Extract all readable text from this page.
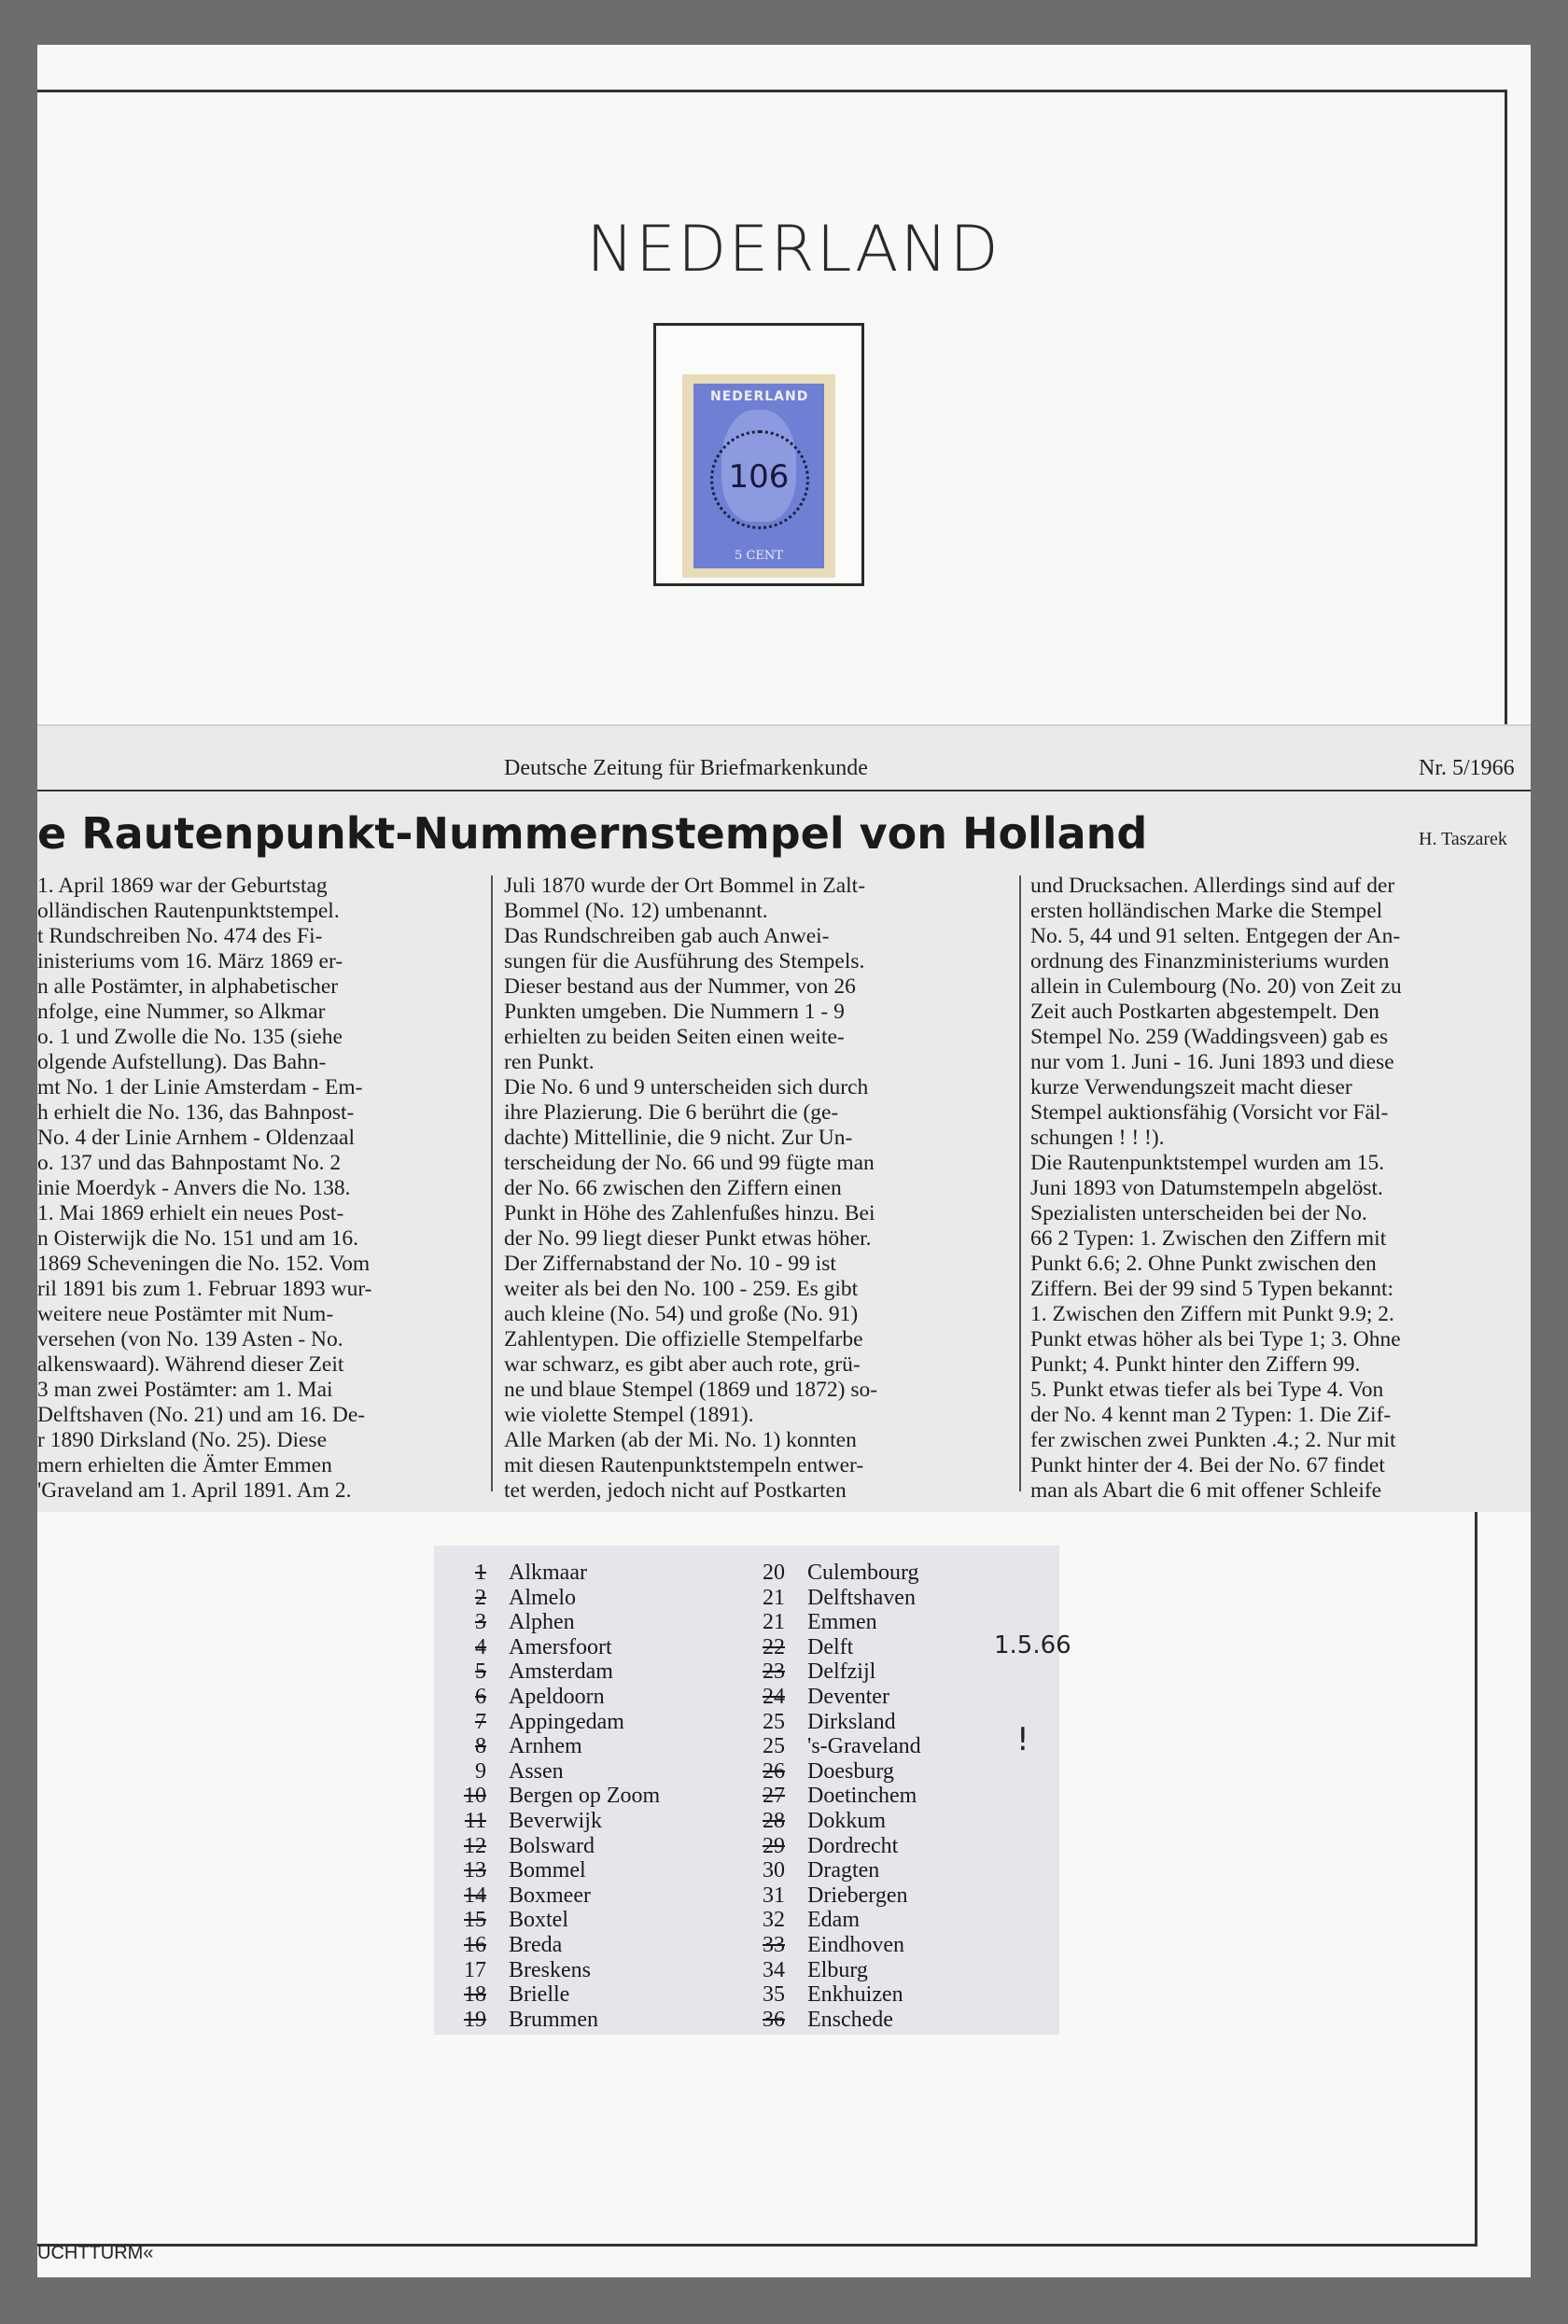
NEDERLAND
NEDERLAND
5 CENT
106
Deutsche Zeitung für Briefmarkenkunde	Nr. 5/1966
e Rautenpunkt-Nummernstempel von Holland	H. Taszarek
1. April 1869 war der Geburtstag
olländischen Rautenpunktstempel.
t Rundschreiben No. 474 des Fi-
inisteriums vom 16. März 1869 er-
n alle Postämter, in alphabetischer
nfolge, eine Nummer, so Alkmar
o. 1 und Zwolle die No. 135 (siehe
olgende Aufstellung). Das Bahn-
mt No. 1 der Linie Amsterdam - Em-
h erhielt die No. 136, das Bahnpost-
No. 4 der Linie Arnhem - Oldenzaal
o. 137 und das Bahnpostamt No. 2
inie Moerdyk - Anvers die No. 138.
1. Mai 1869 erhielt ein neues Post-
n Oisterwijk die No. 151 und am 16.
1869 Scheveningen die No. 152. Vom
ril 1891 bis zum 1. Februar 1893 wur-
weitere neue Postämter mit Num-
versehen (von No. 139 Asten - No.
alkenswaard). Während dieser Zeit
3 man zwei Postämter: am 1. Mai
Delftshaven (No. 21) und am 16. De-
r 1890 Dirksland (No. 25). Diese
mern erhielten die Ämter Emmen
'Graveland am 1. April 1891. Am 2.
Juli 1870 wurde der Ort Bommel in Zalt-
Bommel (No. 12) umbenannt.
Das Rundschreiben gab auch Anwei-
sungen für die Ausführung des Stempels.
Dieser bestand aus der Nummer, von 26
Punkten umgeben. Die Nummern 1 - 9
erhielten zu beiden Seiten einen weite-
ren Punkt.
Die No. 6 und 9 unterscheiden sich durch
ihre Plazierung. Die 6 berührt die (ge-
dachte) Mittellinie, die 9 nicht. Zur Un-
terscheidung der No. 66 und 99 fügte man
der No. 66 zwischen den Ziffern einen
Punkt in Höhe des Zahlenfußes hinzu. Bei
der No. 99 liegt dieser Punkt etwas höher.
Der Ziffernabstand der No. 10 - 99 ist
weiter als bei den No. 100 - 259. Es gibt
auch kleine (No. 54) und große (No. 91)
Zahlentypen. Die offizielle Stempelfarbe
war schwarz, es gibt aber auch rote, grü-
ne und blaue Stempel (1869 und 1872) so-
wie violette Stempel (1891).
Alle Marken (ab der Mi. No. 1) konnten
mit diesen Rautenpunktstempeln entwer-
tet werden, jedoch nicht auf Postkarten
und Drucksachen. Allerdings sind auf der
ersten holländischen Marke die Stempel
No. 5, 44 und 91 selten. Entgegen der An-
ordnung des Finanzministeriums wurden
allein in Culembourg (No. 20) von Zeit zu
Zeit auch Postkarten abgestempelt. Den
Stempel No. 259 (Waddingsveen) gab es
nur vom 1. Juni - 16. Juni 1893 und diese
kurze Verwendungszeit macht dieser
Stempel auktionsfähig (Vorsicht vor Fäl-
schungen ! ! !).
Die Rautenpunktstempel wurden am 15.
Juni 1893 von Datumstempeln abgelöst.
Spezialisten unterscheiden bei der No.
66 2 Typen: 1. Zwischen den Ziffern mit
Punkt 6.6; 2. Ohne Punkt zwischen den
Ziffern. Bei der 99 sind 5 Typen bekannt:
1. Zwischen den Ziffern mit Punkt 9.9; 2.
Punkt etwas höher als bei Type 1; 3. Ohne
Punkt; 4. Punkt hinter den Ziffern 99.
5. Punkt etwas tiefer als bei Type 4. Von
der No. 4 kennt man 2 Typen: 1. Die Zif-
fer zwischen zwei Punkten .4.; 2. Nur mit
Punkt hinter der 4. Bei der No. 67 findet
man als Abart die 6 mit offener Schleife
1 Alkmaar
2 Almelo
3 Alphen
4 Amersfoort
5 Amsterdam
6 Apeldoorn
7 Appingedam
8 Arnhem
9 Assen
10 Bergen op Zoom
11 Beverwijk
12 Bolsward
13 Bommel
14 Boxmeer
15 Boxtel
16 Breda
17 Breskens
18 Brielle
19 Brummen
20 Culembourg
21 Delftshaven
21 Emmen
22 Delft
23 Delfzijl
24 Deventer
25 Dirksland
25 's-Graveland
26 Doesburg
27 Doetinchem
28 Dokkum
29 Dordrecht
30 Dragten
31 Driebergen
32 Edam
33 Eindhoven
34 Elburg
35 Enkhuizen
36 Enschede
1.5.66
!
UCHTTURM«
